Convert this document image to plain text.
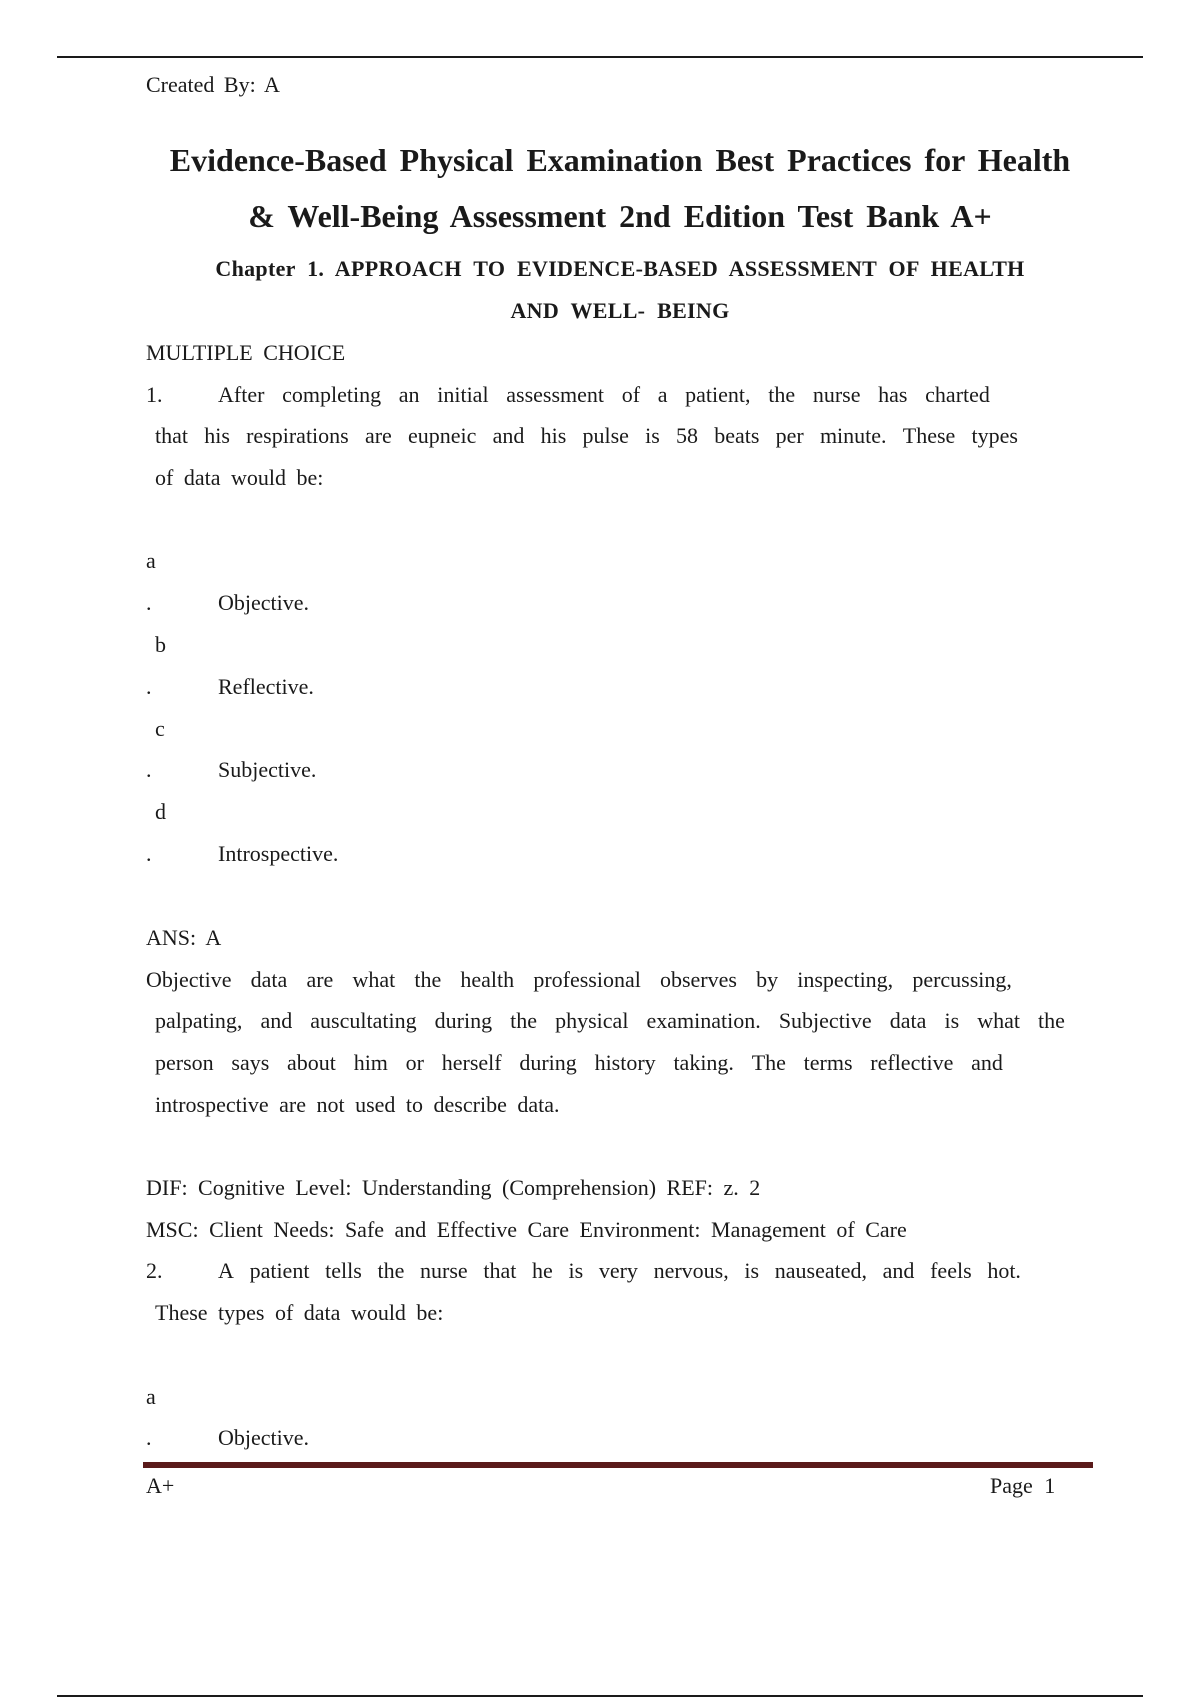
Created By: A
Evidence-Based Physical Examination Best Practices for Health
& Well-Being Assessment 2nd Edition Test Bank A+
Chapter 1. APPROACH TO EVIDENCE-BASED ASSESSMENT OF HEALTH
AND WELL- BEING
MULTIPLE CHOICE
1.	After completing an initial assessment of a patient, the nurse has charted
that his respirations are eupneic and his pulse is 58 beats per minute. These types
of data would be:
a
.	Objective.
b
.	Reflective.
c
.	Subjective.
d
.	Introspective.
ANS: A
Objective data are what the health professional observes by inspecting, percussing,
palpating, and auscultating during the physical examination. Subjective data is what the
person says about him or herself during history taking. The terms reflective and
introspective are not used to describe data.
DIF: Cognitive Level: Understanding (Comprehension) REF: z. 2
MSC: Client Needs: Safe and Effective Care Environment: Management of Care
2.	A patient tells the nurse that he is very nervous, is nauseated, and feels hot.
These types of data would be:
a
.	Objective.
A+	Page 1
